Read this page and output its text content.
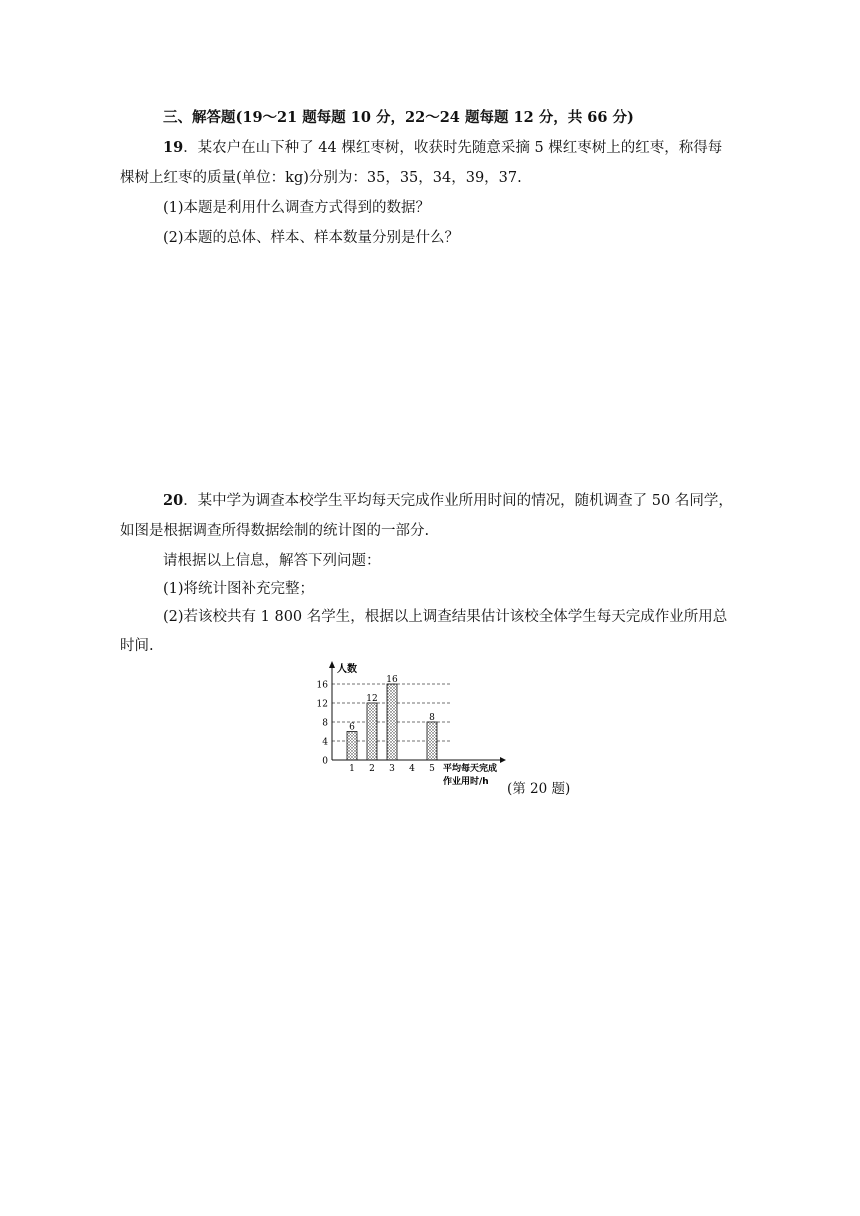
三、解答题(19～21 题每题 10 分，22～24 题每题 12 分，共 66 分)
19．某农户在山下种了 44 棵红枣树，收获时先随意采摘 5 棵红枣树上的红枣，称得每
棵树上红枣的质量(单位：kg)分别为：35，35，34，39，37.
(1)本题是利用什么调查方式得到的数据？
(2)本题的总体、样本、样本数量分别是什么？
20．某中学为调查本校学生平均每天完成作业所用时间的情况，随机调查了 50 名同学，
如图是根据调查所得数据绘制的统计图的一部分.
请根据以上信息，解答下列问题：
(1)将统计图补充完整；
(2)若该校共有 1 800 名学生，根据以上调查结果估计该校全体学生每天完成作业所用总
时间.
人数
平均每天完成
作业用时/h
0
4
8
12
16
1
6
2
12
3
16
4 5
8
(第 20 题)
